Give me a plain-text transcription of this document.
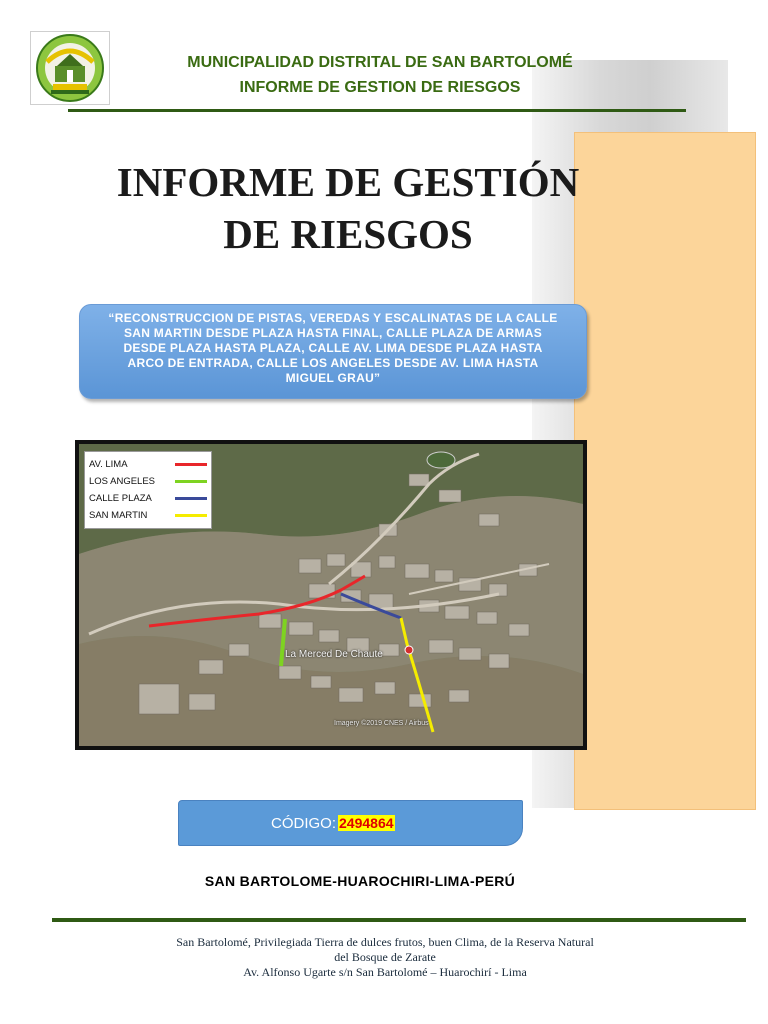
MUNICIPALIDAD DISTRITAL DE SAN BARTOLOMÉ
INFORME DE GESTION DE RIESGOS
INFORME DE GESTIÓN
DE RIESGOS
“RECONSTRUCCION DE PISTAS, VEREDAS Y ESCALINATAS DE LA CALLE
SAN MARTIN DESDE PLAZA HASTA FINAL, CALLE PLAZA DE ARMAS
DESDE PLAZA HASTA PLAZA, CALLE AV. LIMA DESDE PLAZA HASTA
ARCO DE ENTRADA, CALLE LOS ANGELES DESDE AV. LIMA HASTA
MIGUEL GRAU”
AV. LIMA
LOS ANGELES
CALLE PLAZA
SAN MARTIN
La Merced De Chaute
Imagery ©2019 CNES / Airbus
CÓDIGO: 2494864
SAN BARTOLOME-HUAROCHIRI-LIMA-PERÚ
San Bartolomé, Privilegiada Tierra de dulces frutos, buen Clima, de la Reserva Natural
del Bosque de Zarate
Av. Alfonso Ugarte s/n San Bartolomé – Huarochirí - Lima
